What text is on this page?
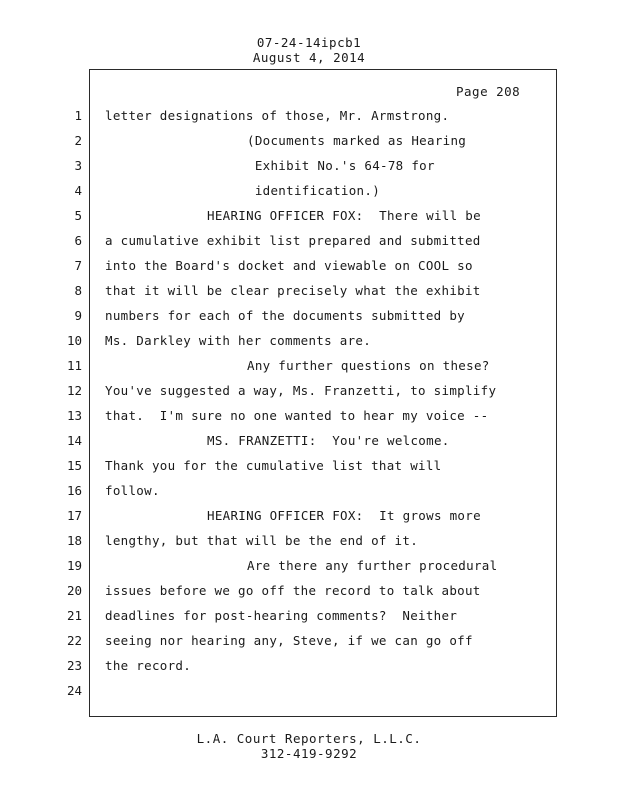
07-24-14ipcb1
August 4, 2014
Page 208
1 letter designations of those, Mr. Armstrong.
2	(Documents marked as Hearing
3	Exhibit No.'s 64-78 for
4	identification.)
5	HEARING OFFICER FOX:  There will be
6 a cumulative exhibit list prepared and submitted
7 into the Board's docket and viewable on COOL so
8 that it will be clear precisely what the exhibit
9 numbers for each of the documents submitted by
10 Ms. Darkley with her comments are.
11	Any further questions on these?
12 You've suggested a way, Ms. Franzetti, to simplify
13 that.  I'm sure no one wanted to hear my voice --
14	MS. FRANZETTI:  You're welcome.
15 Thank you for the cumulative list that will
16 follow.
17	HEARING OFFICER FOX:  It grows more
18 lengthy, but that will be the end of it.
19	Are there any further procedural
20 issues before we go off the record to talk about
21 deadlines for post-hearing comments?  Neither
22 seeing nor hearing any, Steve, if we can go off
23 the record.
24
L.A. Court Reporters, L.L.C.
312-419-9292
